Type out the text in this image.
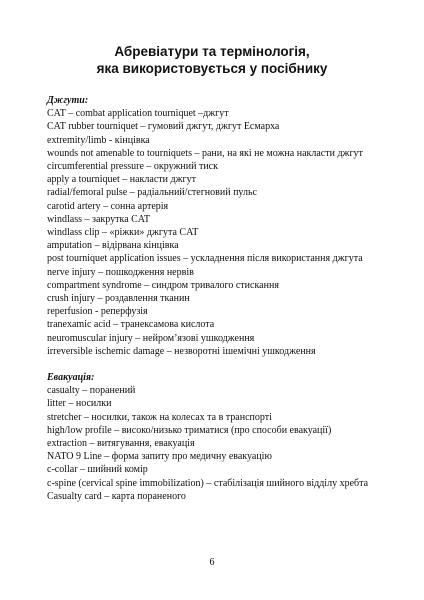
Абревіатури та термінологія,
яка використовується у посібнику
Джгути:
CAT – combat application tourniquet –джгут
CAT rubber tourniquet – гумовий джгут, джгут Есмарха
extremity/limb - кінцівка
wounds not amenable to tourniquets – рани, на які не можна накласти джгут
circumferential pressure – окружний тиск
apply a tourniquet – накласти джгут
radial/femoral pulse – радіальний/стегновий пульс
carotid artery – сонна артерія
windlass – закрутка CAT
windlass clip – «ріжки» джгута CAT
amputation – відірвана кінцівка
post tourniquet application issues – ускладнення після використання джгута
nerve injury – пошкодження нервів
compartment syndrome – синдром тривалого стискання
crush injury – роздавлення тканин
reperfusion - реперфузія
tranexamic acid – транексамова кислота
neuromuscular injury – нейром’язові ушкодження
irreversible ischemic damage – незворотні ішемічні ушкодження
Евакуація:
casualty – поранений
litter – носилки
stretcher – носилки, також на колесах та в транспорті
high/low profile – високо/низько триматися (про способи евакуації)
extraction – витягування, евакуація
NATO 9 Line – форма запиту про медичну евакуацію
c-collar – шийний комір
c-spine (cervical spine immobilization) – стабілізація шийного відділу хребта
Casualty card – карта пораненого
6
